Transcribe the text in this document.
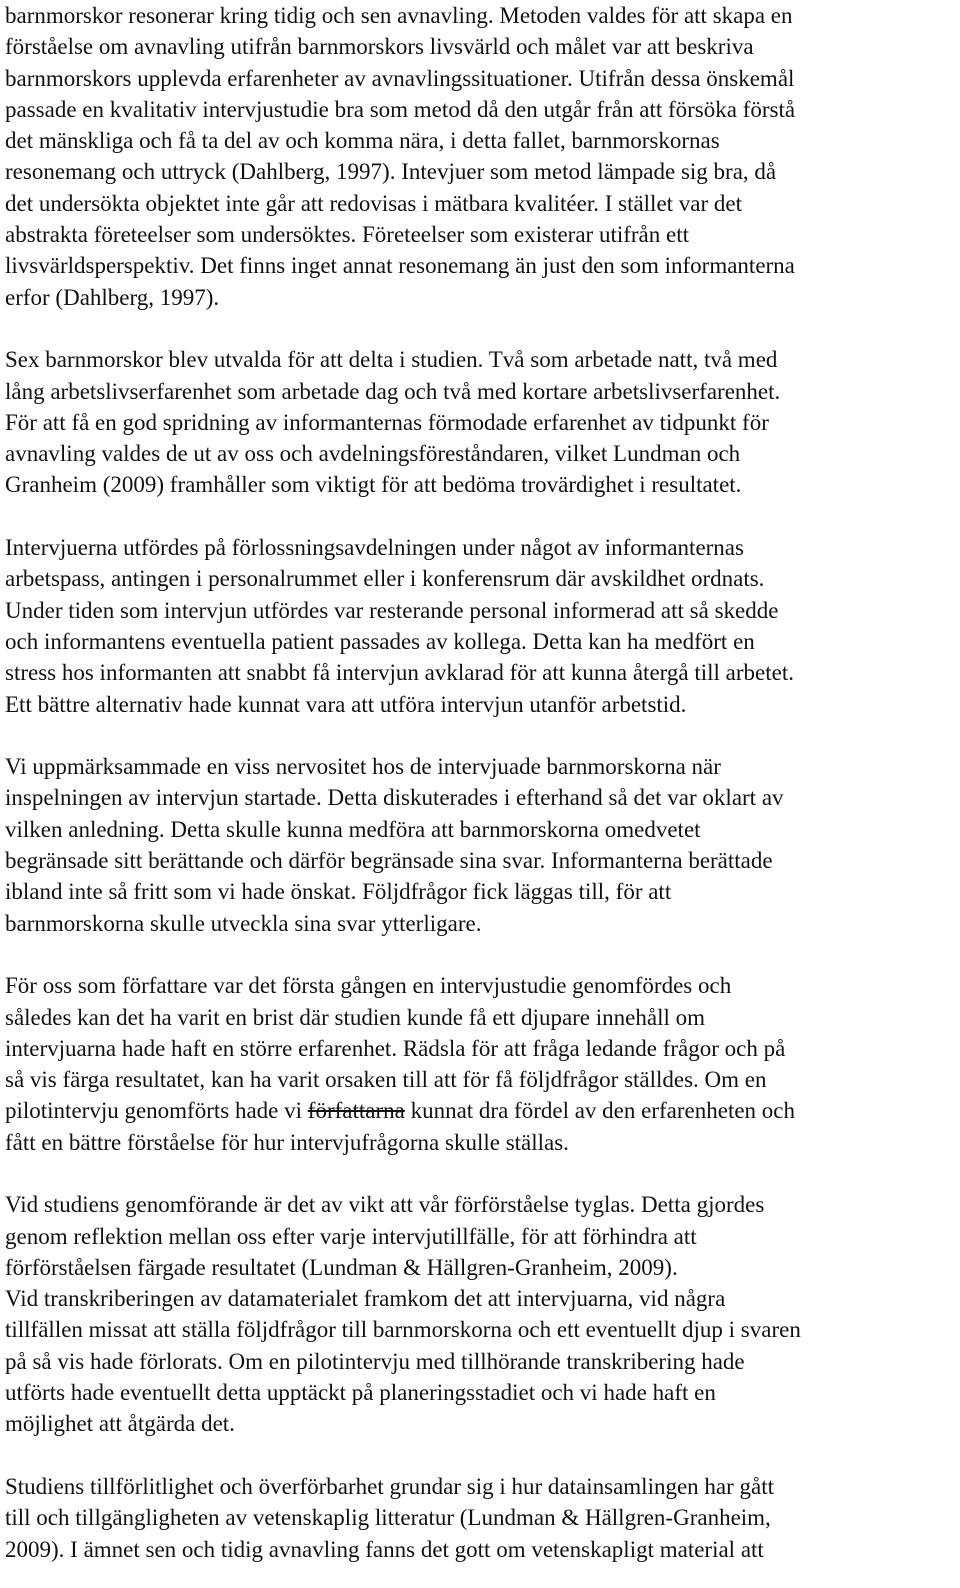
barnmorskor resonerar kring tidig och sen avnavling. Metoden valdes för att skapa en
förståelse om avnavling utifrån barnmorskors livsvärld och målet var att beskriva
barnmorskors upplevda erfarenheter av avnavlingssituationer. Utifrån dessa önskemål
passade en kvalitativ intervjustudie bra som metod då den utgår från att försöka förstå
det mänskliga och få ta del av och komma nära, i detta fallet, barnmorskornas
resonemang och uttryck (Dahlberg, 1997). Intevjuer som metod lämpade sig bra, då
det undersökta objektet inte går att redovisas i mätbara kvalitéer. I stället var det
abstrakta företeelser som undersöktes. Företeelser som existerar utifrån ett
livsvärldsperspektiv. Det finns inget annat resonemang än just den som informanterna
erfor (Dahlberg, 1997).

Sex barnmorskor blev utvalda för att delta i studien. Två som arbetade natt, två med
lång arbetslivserfarenhet som arbetade dag och två med kortare arbetslivserfarenhet.
För att få en god spridning av informanternas förmodade erfarenhet av tidpunkt för
avnavling valdes de ut av oss och avdelningsföreståndaren, vilket Lundman och
Granheim (2009) framhåller som viktigt för att bedöma trovärdighet i resultatet.

Intervjuerna utfördes på förlossningsavdelningen under något av informanternas
arbetspass, antingen i personalrummet eller i konferensrum där avskildhet ordnats.
Under tiden som intervjun utfördes var resterande personal informerad att så skedde
och informantens eventuella patient passades av kollega. Detta kan ha medfört en
stress hos informanten att snabbt få intervjun avklarad för att kunna återgå till arbetet.
Ett bättre alternativ hade kunnat vara att utföra intervjun utanför arbetstid.

Vi uppmärksammade en viss nervositet hos de intervjuade barnmorskorna när
inspelningen av intervjun startade. Detta diskuterades i efterhand så det var oklart av
vilken anledning. Detta skulle kunna medföra att barnmorskorna omedvetet
begränsade sitt berättande och därför begränsade sina svar. Informanterna berättade
ibland inte så fritt som vi hade önskat. Följdfrågor fick läggas till, för att
barnmorskorna skulle utveckla sina svar ytterligare.

För oss som författare var det första gången en intervjustudie genomfördes och
således kan det ha varit en brist där studien kunde få ett djupare innehåll om
intervjuarna hade haft en större erfarenhet. Rädsla för att fråga ledande frågor och på
så vis färga resultatet, kan ha varit orsaken till att för få följdfrågor ställdes. Om en
pilotintervju genomförts hade vi författarna kunnat dra fördel av den erfarenheten och
fått en bättre förståelse för hur intervjufrågorna skulle ställas.

Vid studiens genomförande är det av vikt att vår förförståelse tyglas. Detta gjordes
genom reflektion mellan oss efter varje intervjutillfälle, för att förhindra att
förförståelsen färgade resultatet (Lundman & Hällgren-Granheim, 2009).
Vid transkriberingen av datamaterialet framkom det att intervjuarna, vid några
tillfällen missat att ställa följdfrågor till barnmorskorna och ett eventuellt djup i svaren
på så vis hade förlorats. Om en pilotintervju med tillhörande transkribering hade
utförts hade eventuellt detta upptäckt på planeringsstadiet och vi hade haft en
möjlighet att åtgärda det.

Studiens tillförlitlighet och överförbarhet grundar sig i hur datainsamlingen har gått
till och tillgängligheten av vetenskaplig litteratur (Lundman & Hällgren-Granheim,
2009). I ämnet sen och tidig avnavling fanns det gott om vetenskapligt material att
